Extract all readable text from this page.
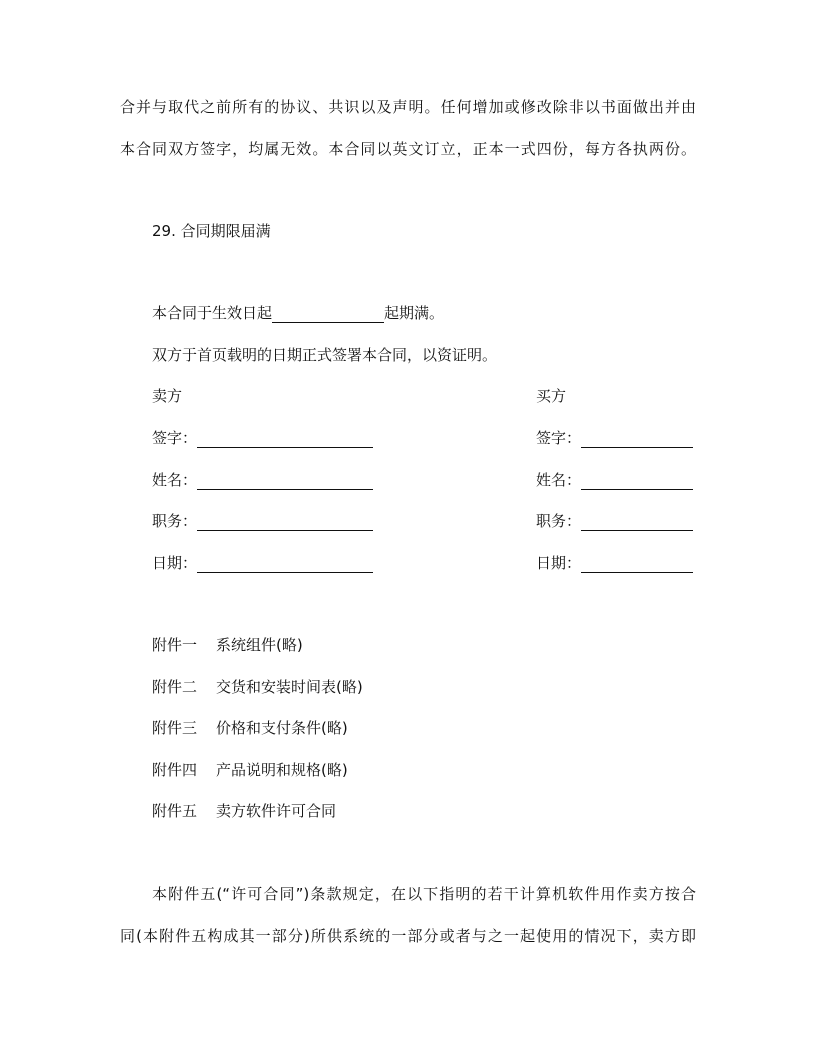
合并与取代之前所有的协议、共识以及声明。任何增加或修改除非以书面做出并由
本合同双方签字，均属无效。本合同以英文订立，正本一式四份，每方各执两份。
29. 合同期限届满
本合同于生效日起	起期满。
双方于首页载明的日期正式签署本合同，以资证明。
卖方
签字：
姓名：
职务：
日期：
买方
签字：
姓名：
职务：
日期：
附件一 系统组件(略)
附件二 交货和安装时间表(略)
附件三 价格和支付条件(略)
附件四 产品说明和规格(略)
附件五 卖方软件许可合同
本附件五(“许可合同”)条款规定，在以下指明的若干计算机软件用作卖方按合
同(本附件五构成其一部分)所供系统的一部分或者与之一起使用的情况下，卖方即
